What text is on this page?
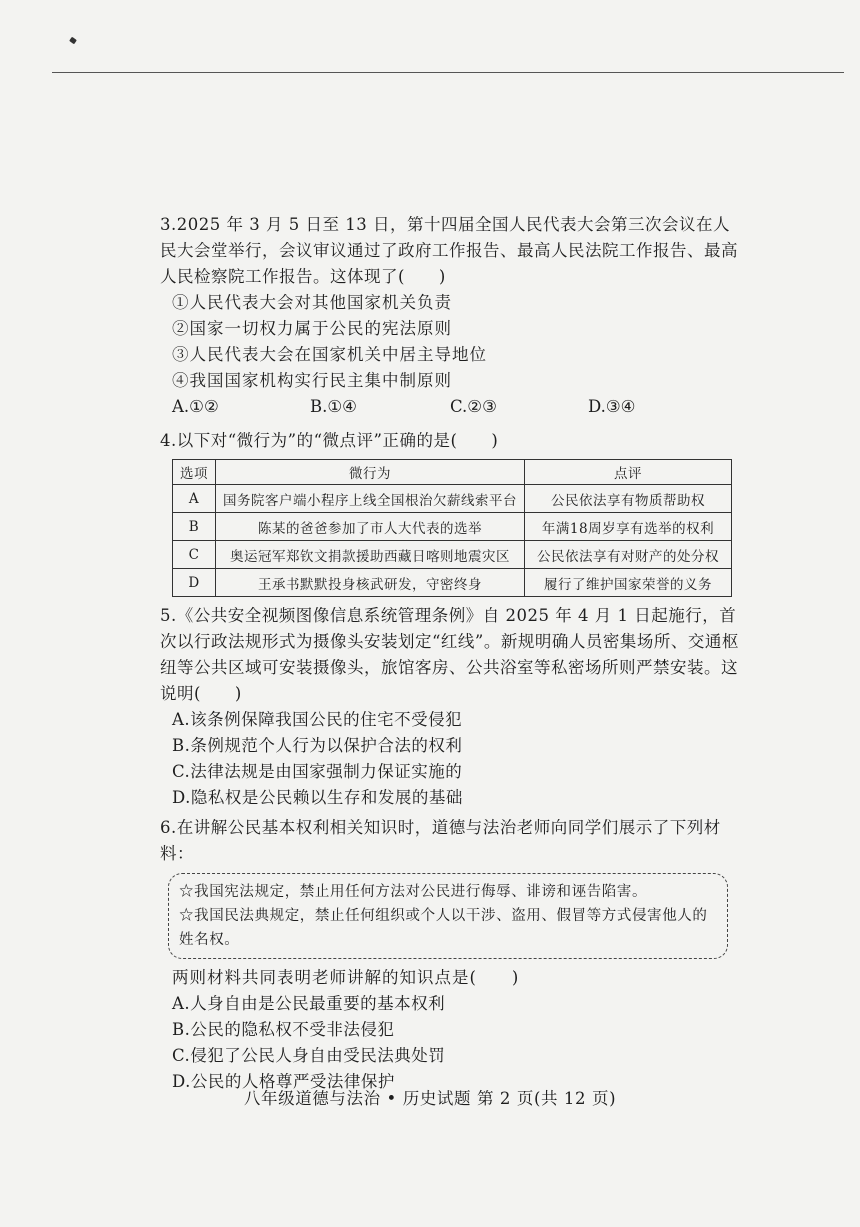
3.2025 年 3 月 5 日至 13 日，第十四届全国人民代表大会第三次会议在人民大会堂举行，会议审议通过了政府工作报告、最高人民法院工作报告、最高人民检察院工作报告。这体现了(　　)

①人民代表大会对其他国家机关负责

②国家一切权力属于公民的宪法原则

③人民代表大会在国家机关中居主导地位

④我国国家机构实行民主集中制原则

A.①②	B.①④	C.②③	D.③④

4.以下对“微行为”的“微点评”正确的是(　　)

选项	微行为	点评
A	国务院客户端小程序上线全国根治欠薪线索平台	公民依法享有物质帮助权
B	陈某的爸爸参加了市人大代表的选举	年满18周岁享有选举的权利
C	奥运冠军郑钦文捐款援助西藏日喀则地震灾区	公民依法享有对财产的处分权
D	王承书默默投身核武研发，守密终身	履行了维护国家荣誉的义务

5.《公共安全视频图像信息系统管理条例》自 2025 年 4 月 1 日起施行，首次以行政法规形式为摄像头安装划定“红线”。新规明确人员密集场所、交通枢纽等公共区域可安装摄像头，旅馆客房、公共浴室等私密场所则严禁安装。这说明(　　)

A.该条例保障我国公民的住宅不受侵犯

B.条例规范个人行为以保护合法的权利

C.法律法规是由国家强制力保证实施的

D.隐私权是公民赖以生存和发展的基础

6.在讲解公民基本权利相关知识时，道德与法治老师向同学们展示了下列材料：

☆我国宪法规定，禁止用任何方法对公民进行侮辱、诽谤和诬告陷害。

☆我国民法典规定，禁止任何组织或个人以干涉、盗用、假冒等方式侵害他人的姓名权。

两则材料共同表明老师讲解的知识点是(　　)

A.人身自由是公民最重要的基本权利

B.公民的隐私权不受非法侵犯

C.侵犯了公民人身自由受民法典处罚

D.公民的人格尊严受法律保护

八年级道德与法治 • 历史试题 第 2 页(共 12 页)
